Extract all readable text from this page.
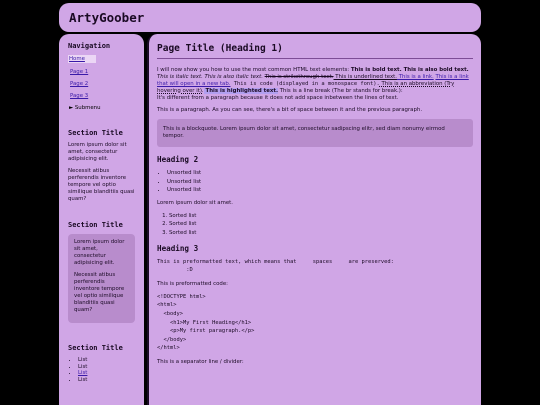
ArtyGoober
Navigation
Home
Page 1
Page 2
Page 3
► Submenu
Section Title
Lorem ipsum dolor sit amet, consectetur adipisicing elit.
Necessit atibus perferendis inventore tempore vel optio similique blanditiis quasi quam?
Section Title
Lorem ipsum dolor sit amet, consectetur adipisicing elit.
Necessit atibus perferendis inventore tempore vel optio similique blanditiis quasi quam?
Section Title
• List
• List
• List
• List
Page Title (Heading 1)
I will now show you how to use the most common HTML text elements: This is bold text. This is also bold text. This is italic text. This is also italic text. This is strikethrough text. This is underlined text. This is a link. This is a link that will open in a new tab. This is code (displayed in a monospace font). This is an abbreviation (Try hovering over it). This is highlighted text. This is a line break (The br stands for break.):
It's different from a paragraph because it does not add space inbetween the lines of text.
This is a paragraph. As you can see, there's a bit of space between it and the previous paragraph.
This is a blockquote. Lorem ipsum dolor sit amet, consectetur sadipscing elitr, sed diam nonumy eirmod tempor.
Heading 2
• Unsorted list
• Unsorted list
• Unsorted list
Lorem ipsum dolor sit amet.
1. Sorted list
2. Sorted list
3. Sorted list
Heading 3
This is preformatted text, which means that     spaces     are preserved:
:D
This is preformatted code:
<!DOCTYPE html>
<html>
<body>
<h1>My First Heading</h1>
<p>My first paragraph.</p>
</body>
</html>
This is a separator line / divider:
